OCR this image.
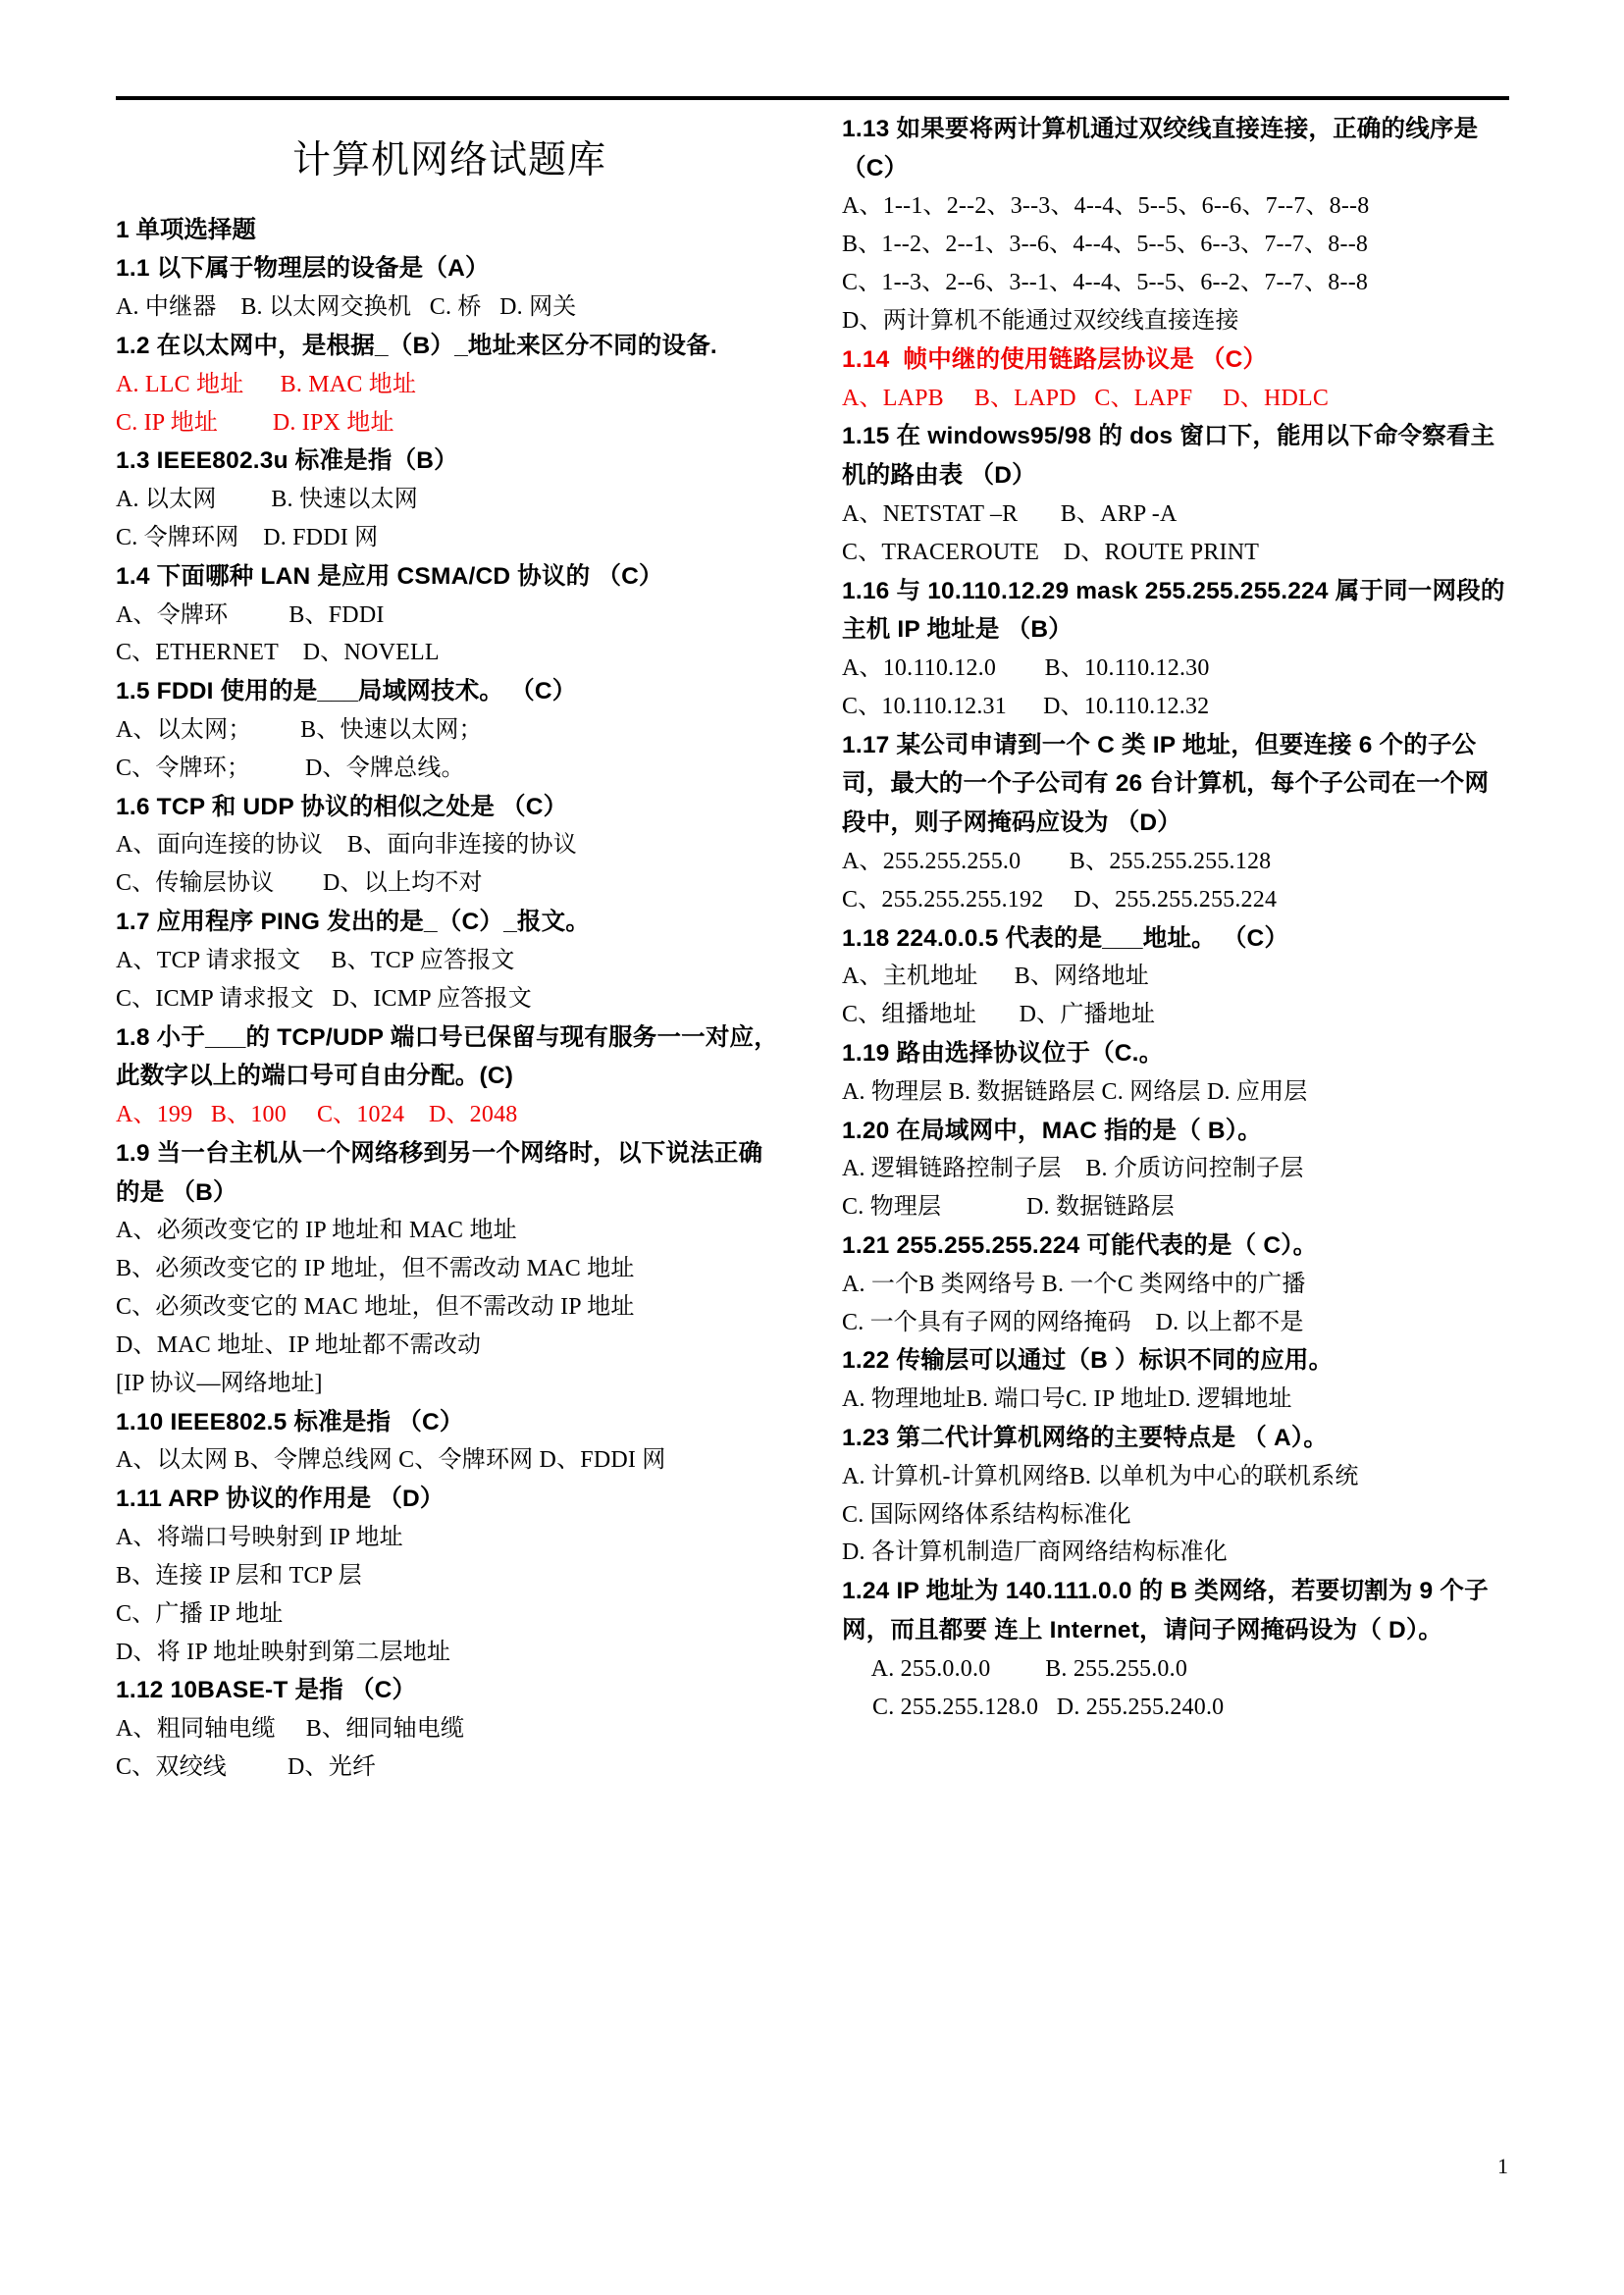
计算机网络试题库
1 单项选择题
1.1 以下属于物理层的设备是（A）
A. 中继器    B. 以太网交换机   C. 桥   D. 网关
1.2 在以太网中，是根据_（B）_地址来区分不同的设备.
A. LLC 地址      B. MAC 地址
C. IP 地址         D. IPX 地址
1.3 IEEE802.3u 标准是指（B）
A. 以太网         B. 快速以太网
C. 令牌环网    D. FDDI 网
1.4 下面哪种 LAN 是应用 CSMA/CD 协议的 （C）
A、令牌环          B、FDDI
C、ETHERNET    D、NOVELL
1.5 FDDI 使用的是___局域网技术。 （C）
A、以太网；        B、快速以太网；
C、令牌环；         D、令牌总线。
1.6 TCP 和 UDP 协议的相似之处是 （C）
A、面向连接的协议    B、面向非连接的协议
C、传输层协议        D、以上均不对
1.7 应用程序 PING 发出的是_（C）_报文。
A、TCP 请求报文     B、TCP 应答报文
C、ICMP 请求报文   D、ICMP 应答报文
1.8 小于___的 TCP/UDP 端口号已保留与现有服务一一对应，此数字以上的端口号可自由分配。(C)
A、199   B、100     C、1024    D、2048
1.9 当一台主机从一个网络移到另一个网络时，以下说法正确的是 （B）
A、必须改变它的 IP 地址和 MAC 地址
B、必须改变它的 IP 地址，但不需改动 MAC 地址
C、必须改变它的 MAC 地址，但不需改动 IP 地址
D、MAC 地址、IP 地址都不需改动
[IP 协议—网络地址]
1.10 IEEE802.5 标准是指 （C）
A、以太网 B、令牌总线网 C、令牌环网 D、FDDI 网
1.11 ARP 协议的作用是 （D）
A、将端口号映射到 IP 地址
B、连接 IP 层和 TCP 层
C、广播 IP 地址
D、将 IP 地址映射到第二层地址
1.12 10BASE-T 是指 （C）
A、粗同轴电缆     B、细同轴电缆
C、双绞线          D、光纤
1.13 如果要将两计算机通过双绞线直接连接，正确的线序是 （C）
A、1--1、2--2、3--3、4--4、5--5、6--6、7--7、8--8
B、1--2、2--1、3--6、4--4、5--5、6--3、7--7、8--8
C、1--3、2--6、3--1、4--4、5--5、6--2、7--7、8--8
D、两计算机不能通过双绞线直接连接
1.14  帧中继的使用链路层协议是 （C）
A、LAPB     B、LAPD   C、LAPF     D、HDLC
1.15 在 windows95/98 的 dos 窗口下，能用以下命令察看主机的路由表 （D）
A、NETSTAT –R       B、ARP -A
C、TRACEROUTE    D、ROUTE PRINT
1.16 与 10.110.12.29 mask 255.255.255.224 属于同一网段的主机 IP 地址是 （B）
A、10.110.12.0        B、10.110.12.30
C、10.110.12.31      D、10.110.12.32
1.17 某公司申请到一个 C 类 IP 地址，但要连接 6 个的子公司，最大的一个子公司有 26 台计算机，每个子公司在一个网段中，则子网掩码应设为 （D）
A、255.255.255.0        B、255.255.255.128
C、255.255.255.192     D、255.255.255.224
1.18 224.0.0.5 代表的是___地址。 （C）
A、主机地址      B、网络地址
C、组播地址       D、广播地址
1.19 路由选择协议位于（C.。
A. 物理层 B. 数据链路层 C. 网络层 D. 应用层
1.20 在局域网中，MAC 指的是（ B）。
A. 逻辑链路控制子层    B. 介质访问控制子层
C. 物理层              D. 数据链路层
1.21 255.255.255.224 可能代表的是（ C）。
A. 一个B 类网络号 B. 一个C 类网络中的广播
C. 一个具有子网的网络掩码    D. 以上都不是
1.22 传输层可以通过（B ）标识不同的应用。
A. 物理地址B. 端口号C. IP 地址D. 逻辑地址
1.23 第二代计算机网络的主要特点是 （ A）。
A. 计算机-计算机网络B. 以单机为中心的联机系统
C. 国际网络体系结构标准化
D. 各计算机制造厂商网络结构标准化
1.24 IP 地址为 140.111.0.0 的 B 类网络，若要切割为 9 个子网，而且都要 连上 Internet，请问子网掩码设为（ D）。
A. 255.0.0.0         B. 255.255.0.0
C. 255.255.128.0   D. 255.255.240.0
1
